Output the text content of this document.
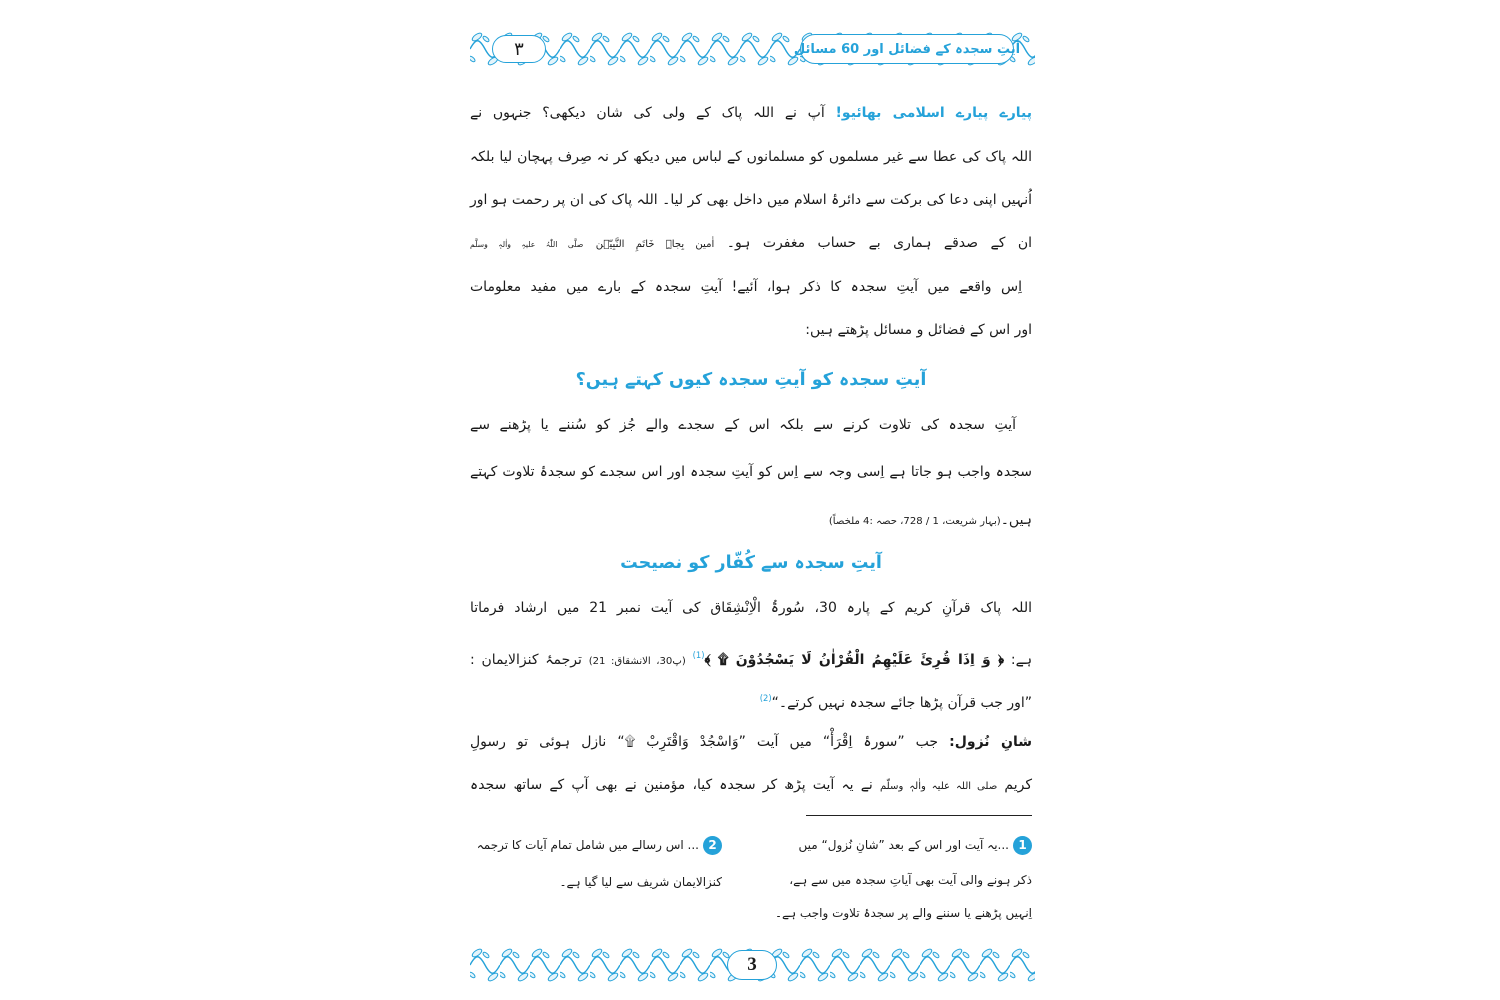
۳	آیتِ سجدہ کے فضائل اور 60 مسائل
پیارے پیارے اسلامی بھائیو! آپ نے اللہ پاک کے ولی کی شان دیکھی؟ جنہوں نے
اللہ پاک کی عطا سے غیر مسلموں کو مسلمانوں کے لباس میں دیکھ کر نہ صِرف پہچان لیا بلکہ
اُنہیں اپنی دعا کی برکت سے دائرۂ اسلام میں داخل بھی کر لیا۔ اللہ پاک کی ان پر رحمت ہو اور
ان کے صدقے ہماری بے حساب مغفرت ہو۔ اٰمین بِجاہِ خَاتَمِ النَّبِیّٖن صلَّی اللّٰہُ علیہِ واٰلہٖ وسلَّم
اِس واقعے میں آیتِ سجدہ کا ذکر ہوا، آئیے! آیتِ سجدہ کے بارے میں مفید معلومات
اور اس کے فضائل و مسائل پڑھتے ہیں:
آیتِ سجدہ کو آیتِ سجدہ کیوں کہتے ہیں؟
آیتِ سجدہ کی تلاوت کرنے سے بلکہ اس کے سجدے والے جُز کو سُننے یا پڑھنے سے
سجدہ واجب ہو جاتا ہے اِسی وجہ سے اِس کو آیتِ سجدہ اور اس سجدے کو سجدۂ تلاوت کہتے
ہیں۔(بہار شریعت، 1 / 728، حصہ :4 ملخصاً)
آیتِ سجدہ سے کُفّار کو نصیحت
اللہ پاک قرآنِ کریم کے پارہ 30، سُورۃُ الْاِنْشِقَاق کی آیت نمبر 21 میں ارشاد فرماتا
ہے: ﴿ وَ اِذَا قُرِئَ عَلَیْهِمُ الْقُرْاٰنُ لَا یَسْجُدُوْنَ ۩ ﴾$^{(1)}$ (پ30، الانشقاق: 21) ترجمۂ کنزالایمان :
”اور جب قرآن پڑھا جائے سجدہ نہیں کرتے۔“$^{(2)}$
شانِ نُزول: جب ”سورۂ اِقْرَأْ“ میں آیت ”وَاسْجُدْ وَاقْتَرِبْ ۩“ نازل ہوئی تو رسولِ
کریم صلی اللہ علیہ واٰلہٖ وسلّم نے یہ آیت پڑھ کر سجدہ کیا، مؤمنین نے بھی آپ کے ساتھ سجدہ
1...یہ آیت اور اس کے بعد ”شانِ نُزول“ میں
ذکر ہونے والی آیت بھی آیاتِ سجدہ میں سے ہے،
اِنہیں پڑھنے یا سننے والے پر سجدۂ تلاوت واجب ہے۔
2... اس رسالے میں شامل تمام آیات کا ترجمہ
کنزالایمان شریف سے لیا گیا ہے۔
3
